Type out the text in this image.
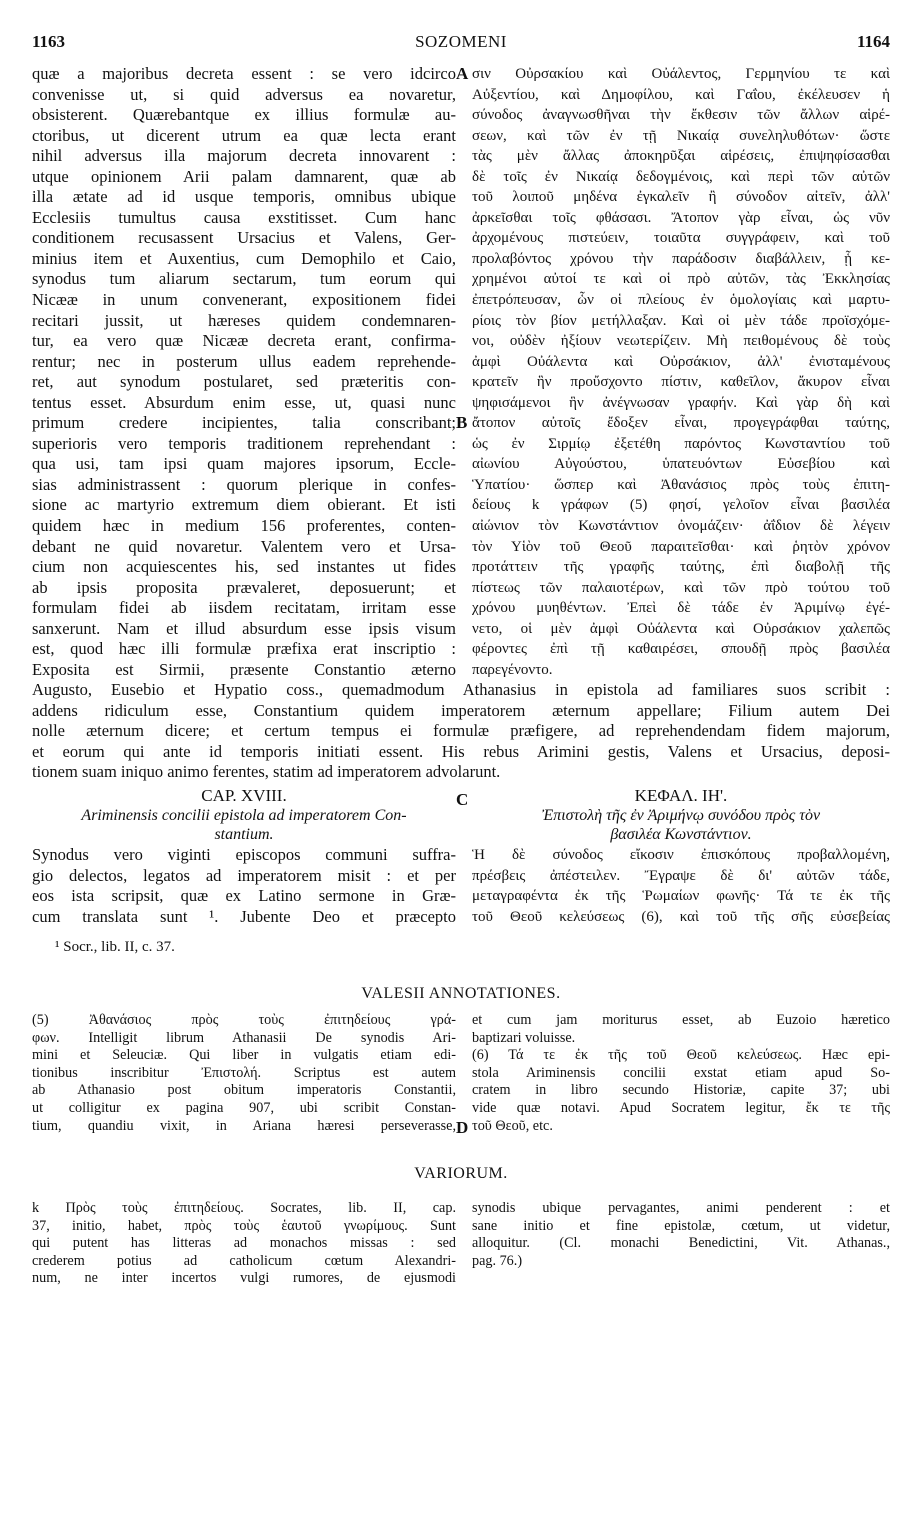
1163	SOZOMENI	1164
quæ a majoribus decreta essent : se vero idcirco
convenisse ut, si quid adversus ea novaretur,
obsisterent. Quærebantque ex illius formulæ au-
ctoribus, ut dicerent utrum ea quæ lecta erant
nihil adversus illa majorum decreta innovarent :
utque opinionem Arii palam damnarent, quæ ab
illa ætate ad id usque temporis, omnibus ubique
Ecclesiis tumultus causa exstitisset. Cum hanc
conditionem recusassent Ursacius et Valens, Ger-
minius item et Auxentius, cum Demophilo et Caio,
synodus tum aliarum sectarum, tum eorum qui
Nicææ in unum convenerant, expositionem fidei
recitari jussit, ut hæreses quidem condemnaren-
tur, ea vero quæ Nicææ decreta erant, confirma-
rentur; nec in posterum ullus eadem reprehende-
ret, aut synodum postularet, sed præteritis con-
tentus esset. Absurdum enim esse, ut, quasi nunc
primum credere incipientes, talia conscribant;
superioris vero temporis traditionem reprehendant :
qua usi, tam ipsi quam majores ipsorum, Eccle-
sias administrassent : quorum plerique in confes-
sione ac martyrio extremum diem obierant. Et isti
quidem hæc in medium 156 proferentes, conten-
debant ne quid novaretur. Valentem vero et Ursa-
cium non acquiescentes his, sed instantes ut fides
ab ipsis proposita prævaleret, deposuerunt; et
formulam fidei ab iisdem recitatam, irritam esse
sanxerunt. Nam et illud absurdum esse ipsis visum
est, quod hæc illi formulæ præfixa erat inscriptio :
Exposita est Sirmii, præsente Constantio æterno
σιν Οὐρσακίου καὶ Οὐάλεντος, Γερμηνίου τε καὶ
Αὐξεντίου, καὶ Δημοφίλου, καὶ Γαΐου, ἐκέλευσεν ἡ
σύνοδος ἀναγνωσθῆναι τὴν ἔκθεσιν τῶν ἄλλων αἱρέ-
σεων, καὶ τῶν ἐν τῇ Νικαίᾳ συνεληλυθότων· ὥστε
τὰς μὲν ἄλλας ἀποκηρῦξαι αἱρέσεις, ἐπιψηφίσασθαι
δὲ τοῖς ἐν Νικαίᾳ δεδογμένοις, καὶ περὶ τῶν αὐτῶν
τοῦ λοιποῦ μηδένα ἐγκαλεῖν ἢ σύνοδον αἰτεῖν, ἀλλ'
ἀρκεῖσθαι τοῖς φθάσασι. Ἄτοπον γὰρ εἶναι, ὡς νῦν
ἀρχομένους πιστεύειν, τοιαῦτα συγγράφειν, καὶ τοῦ
προλαβόντος χρόνου τὴν παράδοσιν διαβάλλειν, ᾗ κε-
χρημένοι αὐτοί τε καὶ οἱ πρὸ αὐτῶν, τὰς Ἐκκλησίας
ἐπετρόπευσαν, ὧν οἱ πλείους ἐν ὁμολογίαις καὶ μαρτυ-
ρίοις τὸν βίον μετήλλαξαν. Καὶ οἱ μὲν τάδε προϊσχόμε-
νοι, οὐδὲν ἠξίουν νεωτερίζειν. Μὴ πειθομένους δὲ τοὺς
ἀμφὶ Οὐάλεντα καὶ Οὐρσάκιον, ἀλλ' ἐνισταμένους
κρατεῖν ἣν προὔσχοντο πίστιν, καθεῖλον, ἄκυρον εἶναι
ψηφισάμενοι ἣν ἀνέγνωσαν γραφήν. Καὶ γὰρ δὴ καὶ
ἄτοπον αὐτοῖς ἔδοξεν εἶναι, προγεγράφθαι ταύτης,
ὡς ἐν Σιρμίῳ ἐξετέθη παρόντος Κωνσταντίου τοῦ
αἰωνίου Αὐγούστου, ὑπατευόντων Εὐσεβίου καὶ
Ὑπατίου· ὥσπερ καὶ Ἀθανάσιος πρὸς τοὺς ἐπιτη-
δείους k γράφων (5) φησί, γελοῖον εἶναι βασιλέα
αἰώνιον τὸν Κωνστάντιον ὀνομάζειν· ἀΐδιον δὲ λέγειν
τὸν Υἱὸν τοῦ Θεοῦ παραιτεῖσθαι· καὶ ῥητὸν χρόνον
προτάττειν τῆς γραφῆς ταύτης, ἐπὶ διαβολῇ τῆς
πίστεως τῶν παλαιοτέρων, καὶ τῶν πρὸ τούτου τοῦ
χρόνου μυηθέντων. Ἐπεὶ δὲ τάδε ἐν Ἀριμίνῳ ἐγέ-
νετο, οἱ μὲν ἀμφὶ Οὐάλεντα καὶ Οὐρσάκιον χαλεπῶς
φέροντες ἐπὶ τῇ καθαιρέσει, σπουδῇ πρὸς βασιλέα
παρεγένοντο.
A
B
Augusto, Eusebio et Hypatio coss., quemadmodum Athanasius in epistola ad familiares suos scribit :
addens ridiculum esse, Constantium quidem imperatorem æternum appellare; Filium autem Dei
nolle æternum dicere; et certum tempus ei formulæ præfigere, ad reprehendendam fidem majorum,
et eorum qui ante id temporis initiati essent. His rebus Arimini gestis, Valens et Ursacius, deposi-
tionem suam iniquo animo ferentes, statim ad imperatorem advolarunt.
CAP. XVIII.
Ariminensis concilii epistola ad imperatorem Con-
stantium.
C	ΚΕΦΑΛ. ΙΗ'.
Ἐπιστολὴ τῆς ἐν Ἀριμήνῳ συνόδου πρὸς τὸν
βασιλέα Κωνστάντιον.
Synodus vero viginti episcopos communi suffra-
gio delectos, legatos ad imperatorem misit : et per
eos ista scripsit, quæ ex Latino sermone in Græ-
cum translata sunt ¹. Jubente Deo et præcepto
Ἡ δὲ σύνοδος εἴκοσιν ἐπισκόπους προβαλλομένη,
πρέσβεις ἀπέστειλεν. Ἔγραψε δὲ δι' αὐτῶν τάδε,
μεταγραφέντα ἐκ τῆς Ῥωμαίων φωνῆς· Τά τε ἐκ τῆς
τοῦ Θεοῦ κελεύσεως (6), καὶ τοῦ τῆς σῆς εὐσεβείας
¹ Socr., lib. II, c. 37.
VALESII ANNOTATIONES.
(5) Ἀθανάσιος πρὸς τοὺς ἐπιτηδείους γρά-
φων. Intelligit librum Athanasii De synodis Ari-
mini et Seleuciæ. Qui liber in vulgatis etiam edi-
tionibus inscribitur Ἐπιστολή. Scriptus est autem
ab Athanasio post obitum imperatoris Constantii,
ut colligitur ex pagina 907, ubi scribit Constan-
tium, quandiu vixit, in Ariana hæresi perseverasse,
et cum jam moriturus esset, ab Euzoio hæretico
baptizari voluisse.
(6) Τά τε ἐκ τῆς τοῦ Θεοῦ κελεύσεως. Hæc epi-
stola Ariminensis concilii exstat etiam apud So-
cratem in libro secundo Historiæ, capite 37; ubi
vide quæ notavi. Apud Socratem legitur, ἔκ τε τῆς
τοῦ Θεοῦ, etc.
D
VARIORUM.
k Πρὸς τοὺς ἐπιτηδείους. Socrates, lib. II, cap.
37, initio, habet, πρὸς τοὺς ἑαυτοῦ γνωρίμους. Sunt
qui putent has litteras ad monachos missas : sed
crederem potius ad catholicum cœtum Alexandri-
num, ne inter incertos vulgi rumores, de ejusmodi
synodis ubique pervagantes, animi penderent : et
sane initio et fine epistolæ, cœtum, ut videtur,
alloquitur. (Cl. monachi Benedictini, Vit. Athanas.,
pag. 76.)
